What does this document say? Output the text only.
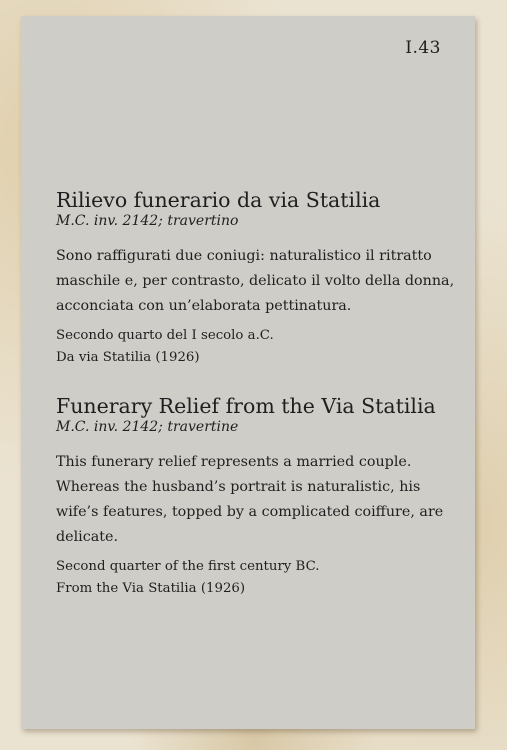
I.43
Rilievo funerario da via Statilia

M.C. inv. 2142; travertino

Sono raffigurati due coniugi: naturalistico il ritratto maschile e, per contrasto, delicato il volto della donna, acconciata con un’elaborata pettinatura.

Secondo quarto del I secolo a.C.

Da via Statilia (1926)

Funerary Relief from the Via Statilia

M.C. inv. 2142; travertine

This funerary relief represents a married couple. Whereas the husband’s portrait is naturalistic, his wife’s features, topped by a complicated coiffure, are delicate.

Second quarter of the first century BC.

From the Via Statilia (1926)
